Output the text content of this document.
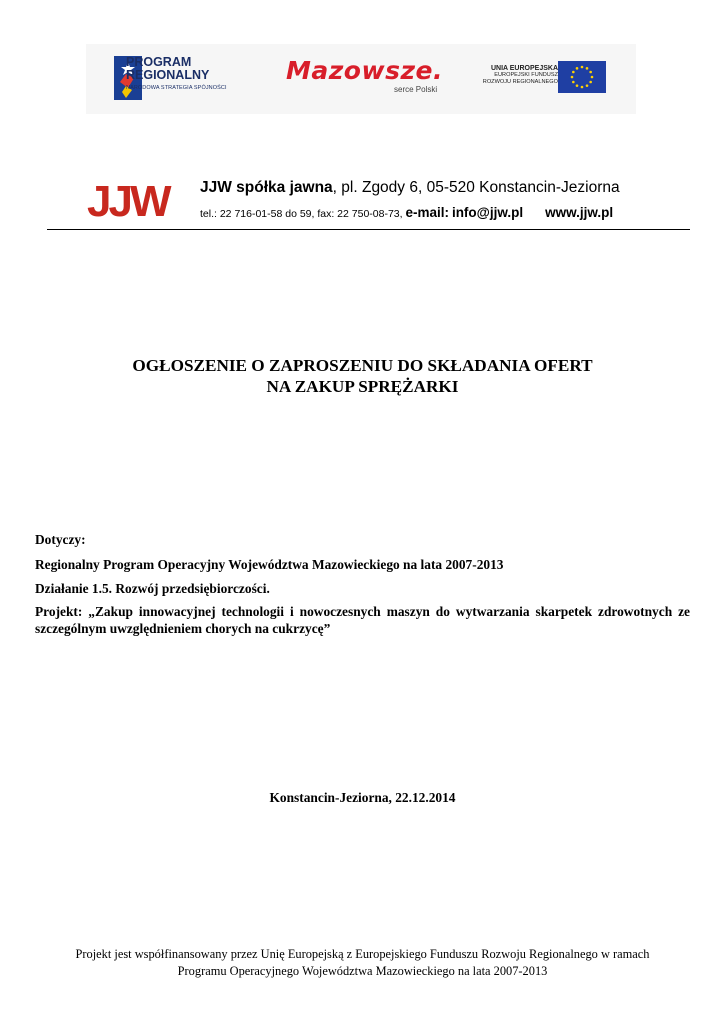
PROGRAM
REGIONALNY
NARODOWA STRATEGIA SPÓJNOŚCI
Mazowsze.
serce Polski
UNIA EUROPEJSKA
EUROPEJSKI FUNDUSZ
ROZWOJU REGIONALNEGO
JJW JJW spółka jawna, pl. Zgody 6, 05-520 Konstancin-Jeziorna
tel.: 22 716-01-58 do 59, fax: 22 750-08-73, e-mail: info@jjw.pl www.jjw.pl
OGŁOSZENIE O ZAPROSZENIU DO SKŁADANIA OFERT
NA ZAKUP SPRĘŻARKI
Dotyczy:
Regionalny Program Operacyjny Województwa Mazowieckiego na lata 2007-2013
Działanie 1.5. Rozwój przedsiębiorczości.
Projekt: „Zakup innowacyjnej technologii i nowoczesnych maszyn do wytwarzania skarpetek zdrowotnych ze szczególnym uwzględnieniem chorych na cukrzycę”
Konstancin-Jeziorna, 22.12.2014
Projekt jest współfinansowany przez Unię Europejską z Europejskiego Funduszu Rozwoju Regionalnego w ramach
Programu Operacyjnego Województwa Mazowieckiego na lata 2007-2013
